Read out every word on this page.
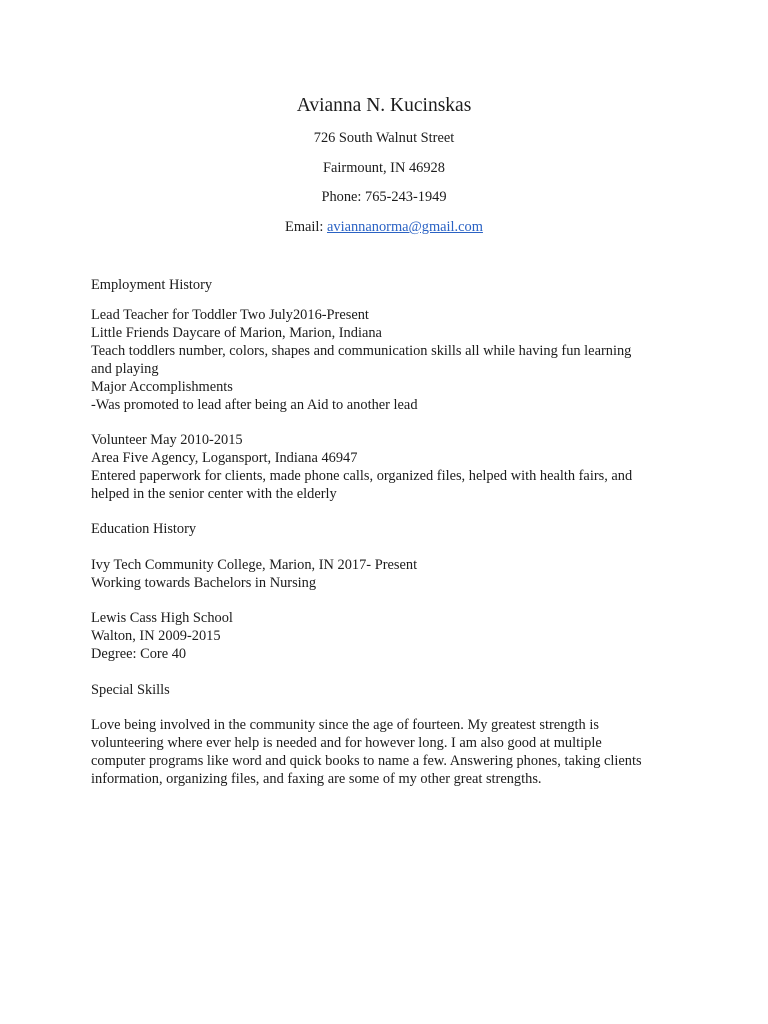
Avianna N. Kucinskas
726 South Walnut Street
Fairmount, IN 46928
Phone: 765-243-1949
Email: aviannanorma@gmail.com
Employment History
Lead Teacher for Toddler Two July2016-Present
Little Friends Daycare of Marion, Marion, Indiana
Teach toddlers number, colors, shapes and communication skills all while having fun learning
and playing
Major Accomplishments
-Was promoted to lead after being an Aid to another lead
Volunteer May 2010-2015
Area Five Agency, Logansport, Indiana 46947
Entered paperwork for clients, made phone calls, organized files, helped with health fairs, and
helped in the senior center with the elderly
Education History
Ivy Tech Community College, Marion, IN 2017- Present
Working towards Bachelors in Nursing
Lewis Cass High School
Walton, IN 2009-2015
Degree: Core 40
Special Skills
Love being involved in the community since the age of fourteen. My greatest strength is
volunteering where ever help is needed and for however long. I am also good at multiple
computer programs like word and quick books to name a few. Answering phones, taking clients
information, organizing files, and faxing are some of my other great strengths.
